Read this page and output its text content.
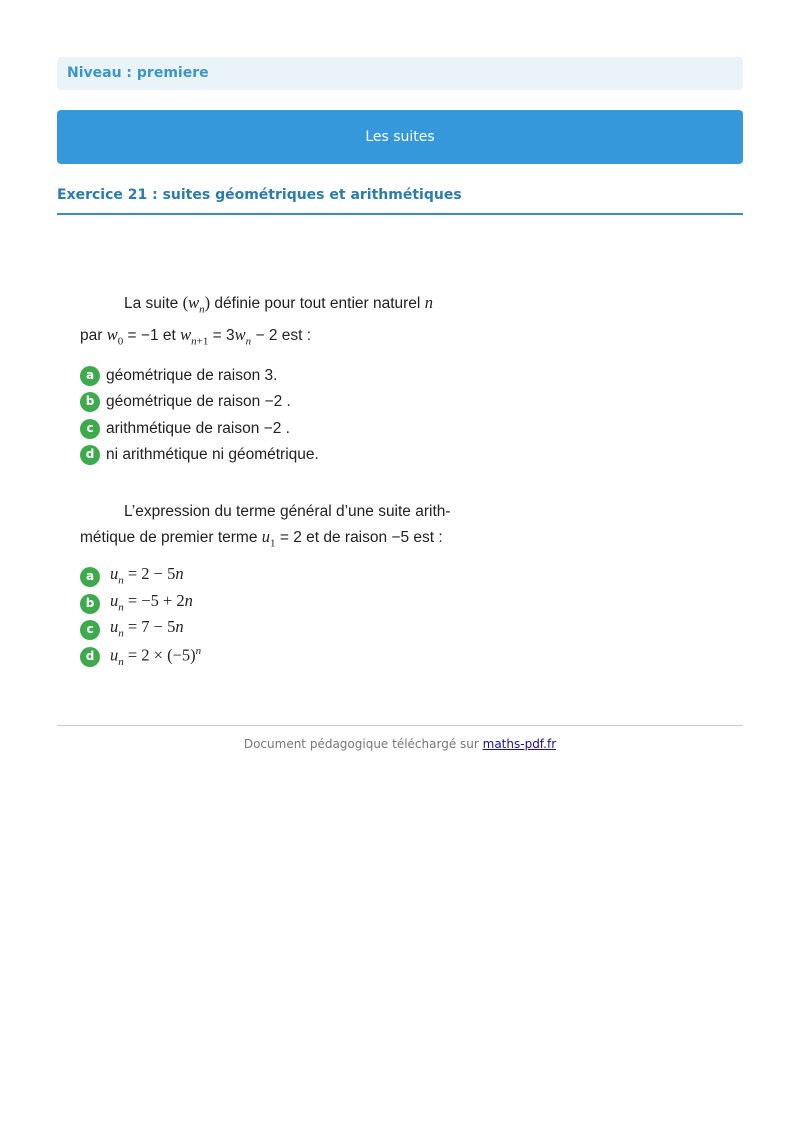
Niveau : premiere
Les suites
Exercice 21 : suites géométriques et arithmétiques

La suite $(w_n)$ définie pour tout entier naturel n
par $w_0 = -1$ et $w_{n+1} = 3w_n - 2$ est :

a géométrique de raison 3.
b géométrique de raison −2 .
c arithmétique de raison −2 .
d ni arithmétique ni géométrique.

L’expression du terme général d’une suite arith-
métique de premier terme $u_1 = 2$ et de raison −5 est :

a $u_n = 2 - 5n$
b $u_n = -5 + 2n$
c $u_n = 7 - 5n$
d $u_n = 2 \times (-5)^n$
Document pédagogique téléchargé sur maths-pdf.fr
